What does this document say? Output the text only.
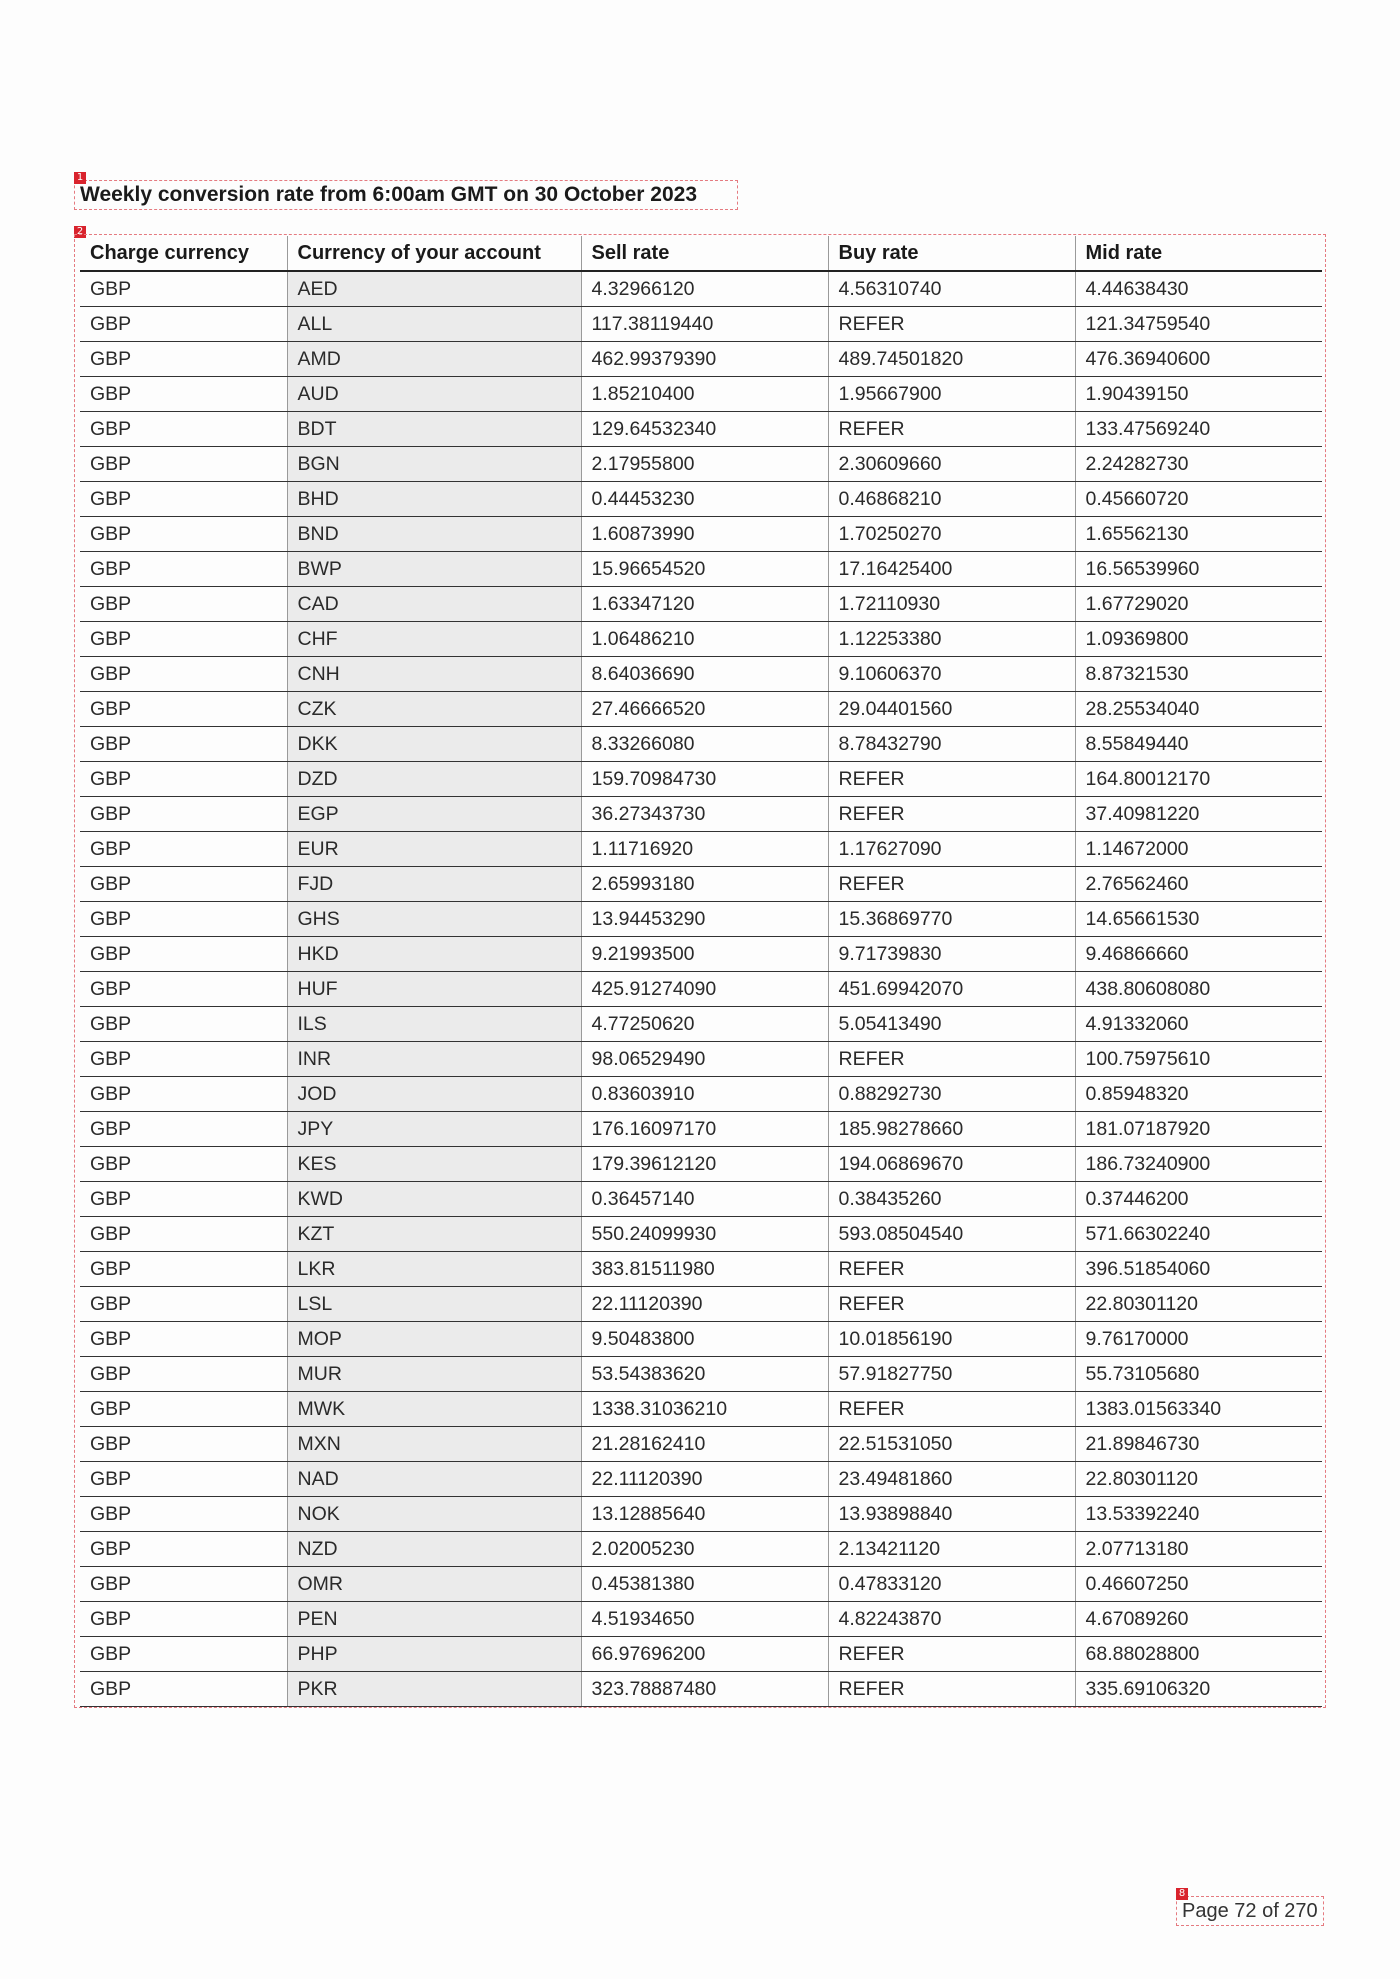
1
Weekly conversion rate from 6:00am GMT on 30 October 2023
2
Charge currency	Currency of your account	Sell rate	Buy rate	Mid rate
GBP	AED	4.32966120	4.56310740	4.44638430
GBP	ALL	117.38119440	REFER	121.34759540
GBP	AMD	462.99379390	489.74501820	476.36940600
GBP	AUD	1.85210400	1.95667900	1.90439150
GBP	BDT	129.64532340	REFER	133.47569240
GBP	BGN	2.17955800	2.30609660	2.24282730
GBP	BHD	0.44453230	0.46868210	0.45660720
GBP	BND	1.60873990	1.70250270	1.65562130
GBP	BWP	15.96654520	17.16425400	16.56539960
GBP	CAD	1.63347120	1.72110930	1.67729020
GBP	CHF	1.06486210	1.12253380	1.09369800
GBP	CNH	8.64036690	9.10606370	8.87321530
GBP	CZK	27.46666520	29.04401560	28.25534040
GBP	DKK	8.33266080	8.78432790	8.55849440
GBP	DZD	159.70984730	REFER	164.80012170
GBP	EGP	36.27343730	REFER	37.40981220
GBP	EUR	1.11716920	1.17627090	1.14672000
GBP	FJD	2.65993180	REFER	2.76562460
GBP	GHS	13.94453290	15.36869770	14.65661530
GBP	HKD	9.21993500	9.71739830	9.46866660
GBP	HUF	425.91274090	451.69942070	438.80608080
GBP	ILS	4.77250620	5.05413490	4.91332060
GBP	INR	98.06529490	REFER	100.75975610
GBP	JOD	0.83603910	0.88292730	0.85948320
GBP	JPY	176.16097170	185.98278660	181.07187920
GBP	KES	179.39612120	194.06869670	186.73240900
GBP	KWD	0.36457140	0.38435260	0.37446200
GBP	KZT	550.24099930	593.08504540	571.66302240
GBP	LKR	383.81511980	REFER	396.51854060
GBP	LSL	22.11120390	REFER	22.80301120
GBP	MOP	9.50483800	10.01856190	9.76170000
GBP	MUR	53.54383620	57.91827750	55.73105680
GBP	MWK	1338.31036210	REFER	1383.01563340
GBP	MXN	21.28162410	22.51531050	21.89846730
GBP	NAD	22.11120390	23.49481860	22.80301120
GBP	NOK	13.12885640	13.93898840	13.53392240
GBP	NZD	2.02005230	2.13421120	2.07713180
GBP	OMR	0.45381380	0.47833120	0.46607250
GBP	PEN	4.51934650	4.82243870	4.67089260
GBP	PHP	66.97696200	REFER	68.88028800
GBP	PKR	323.78887480	REFER	335.69106320
8
Page 72 of 270
